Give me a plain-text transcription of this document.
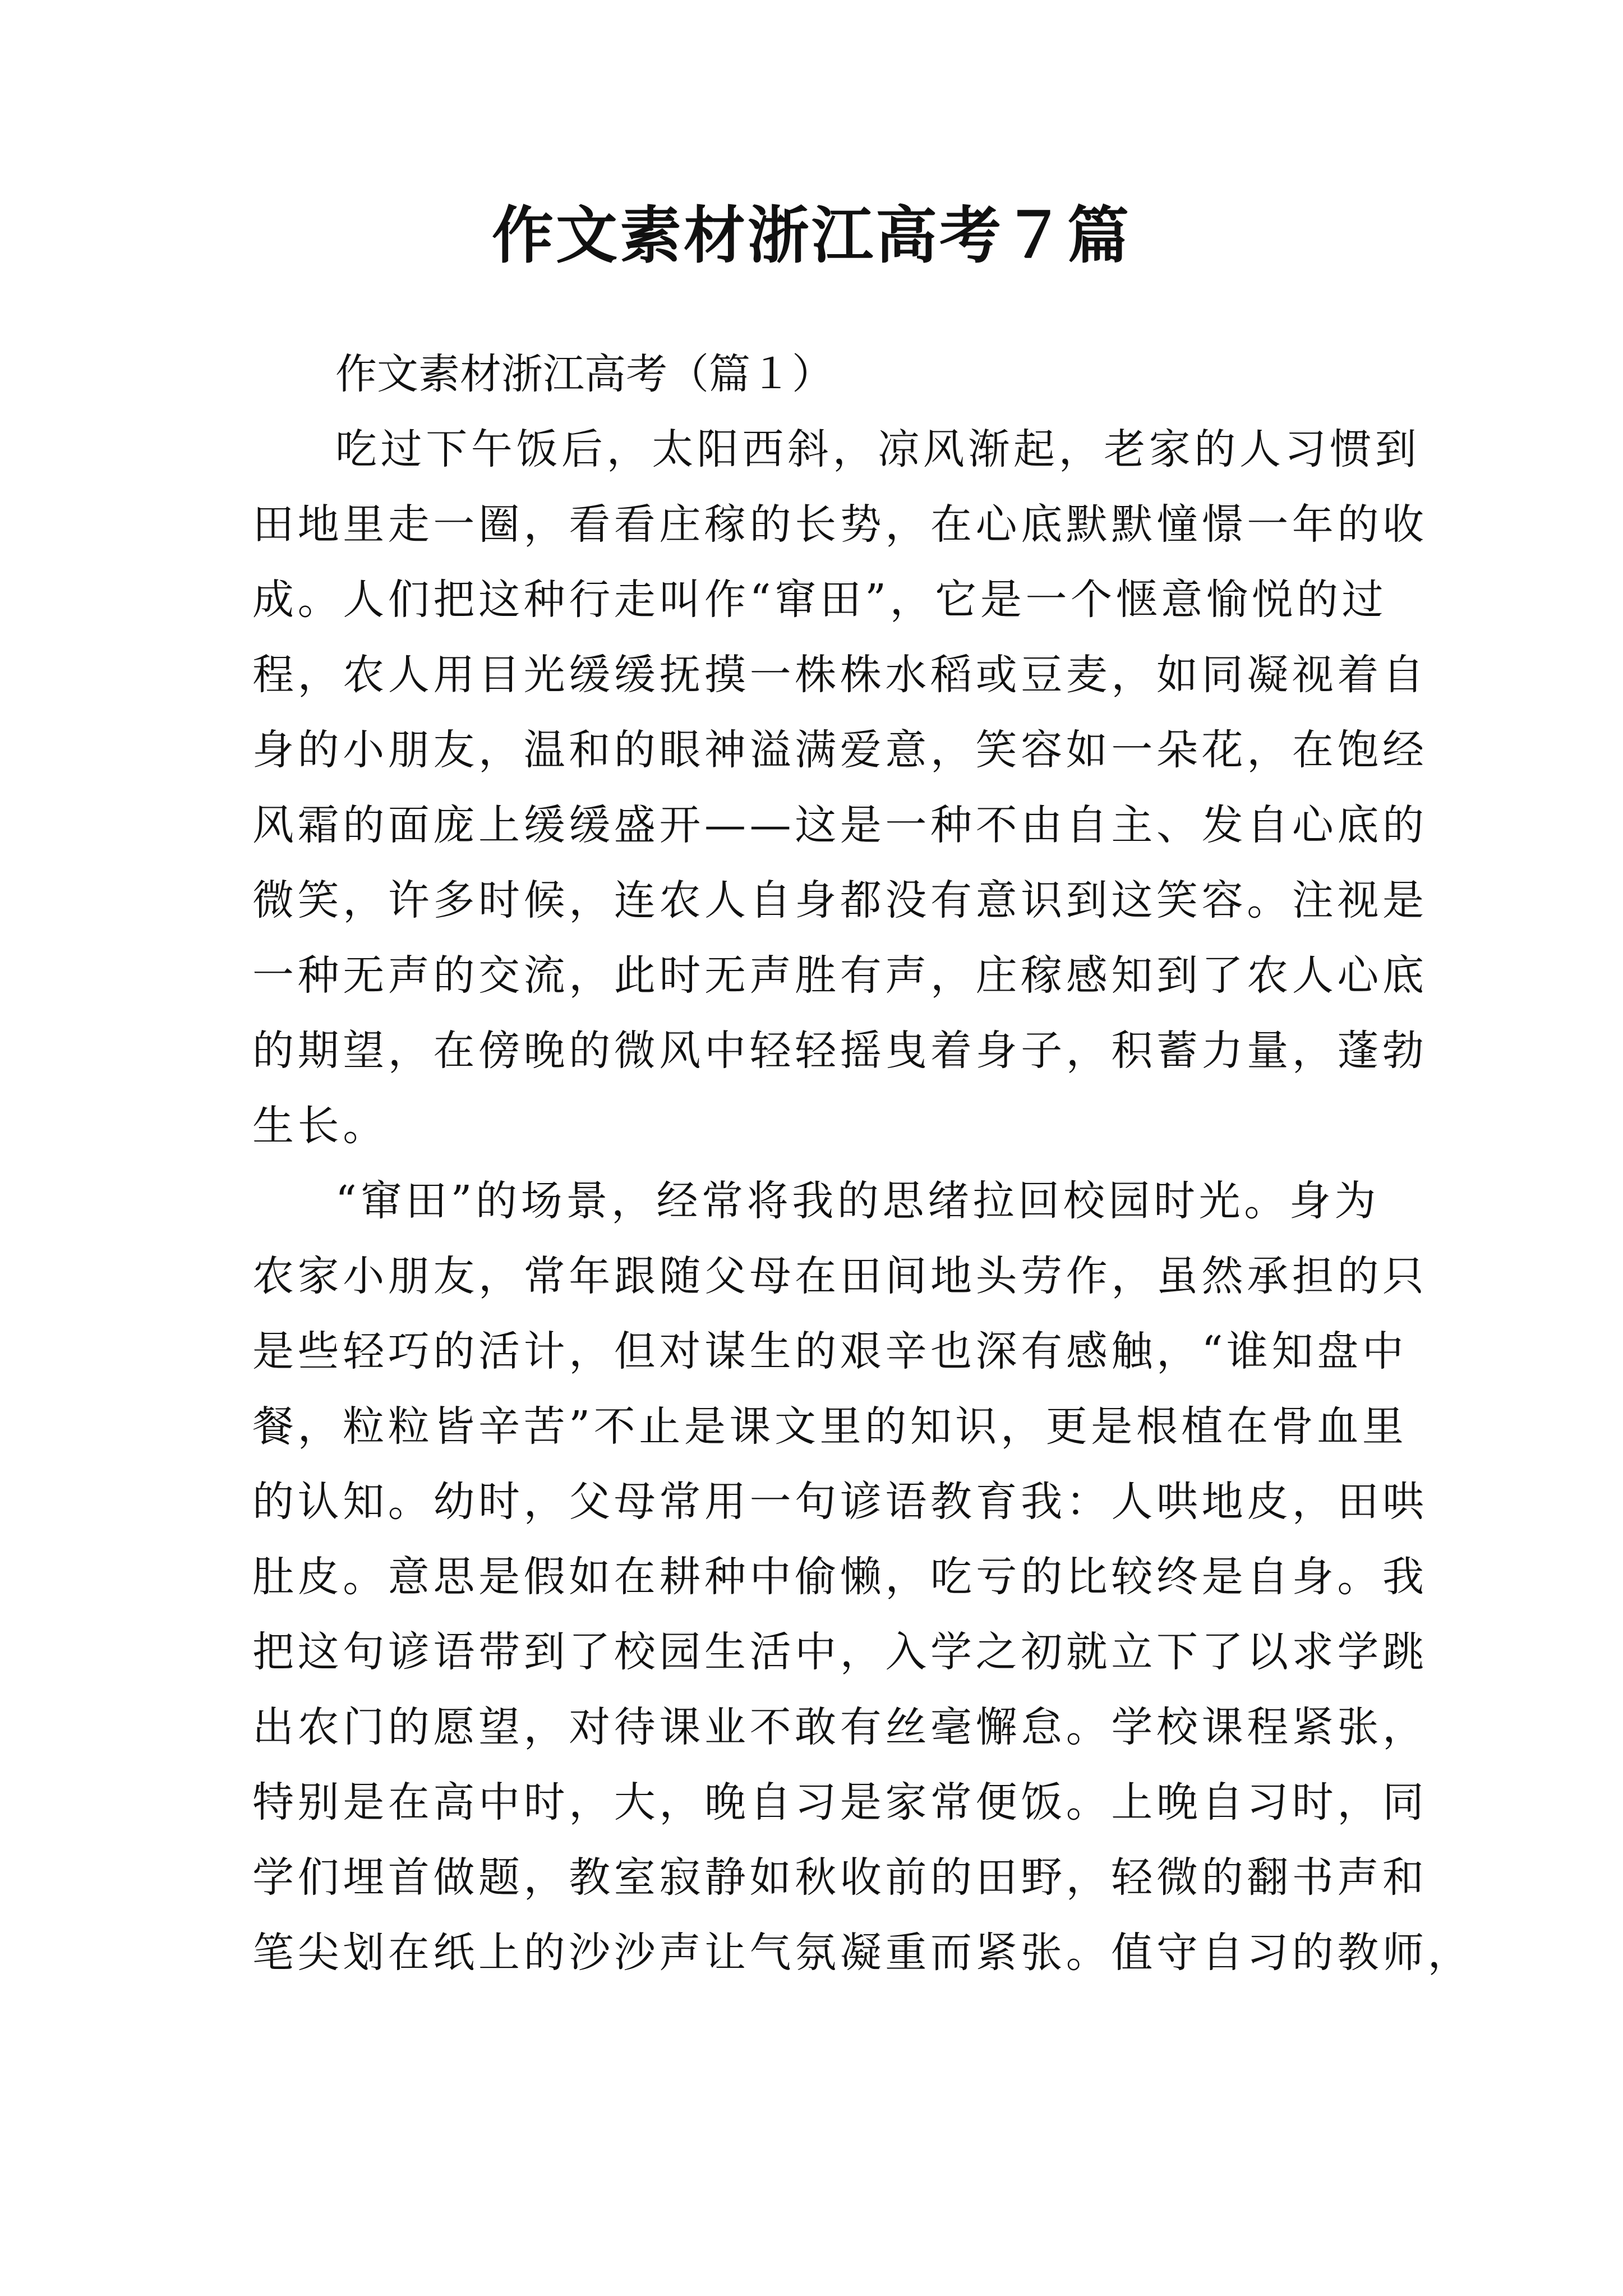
作文素材浙江高考７篇

作文素材浙江高考（篇１）

吃过下午饭后，太阳西斜，凉风渐起，老家的人习惯到
田地里走一圈，看看庄稼的长势，在心底默默憧憬一年的收
成。人们把这种行走叫作“窜田”，它是一个惬意愉悦的过
程，农人用目光缓缓抚摸一株株水稻或豆麦，如同凝视着自
身的小朋友，温和的眼神溢满爱意，笑容如一朵花，在饱经
风霜的面庞上缓缓盛开——这是一种不由自主、发自心底的
微笑，许多时候，连农人自身都没有意识到这笑容。注视是
一种无声的交流，此时无声胜有声，庄稼感知到了农人心底
的期望，在傍晚的微风中轻轻摇曳着身子，积蓄力量，蓬勃
生长。

“窜田”的场景，经常将我的思绪拉回校园时光。身为
农家小朋友，常年跟随父母在田间地头劳作，虽然承担的只
是些轻巧的活计，但对谋生的艰辛也深有感触，“谁知盘中
餐，粒粒皆辛苦”不止是课文里的知识，更是根植在骨血里
的认知。幼时，父母常用一句谚语教育我：人哄地皮，田哄
肚皮。意思是假如在耕种中偷懒，吃亏的比较终是自身。我
把这句谚语带到了校园生活中，入学之初就立下了以求学跳
出农门的愿望，对待课业不敢有丝毫懈怠。学校课程紧张，
特别是在高中时，大，晚自习是家常便饭。上晚自习时，同
学们埋首做题，教室寂静如秋收前的田野，轻微的翻书声和
笔尖划在纸上的沙沙声让气氛凝重而紧张。值守自习的教师，
